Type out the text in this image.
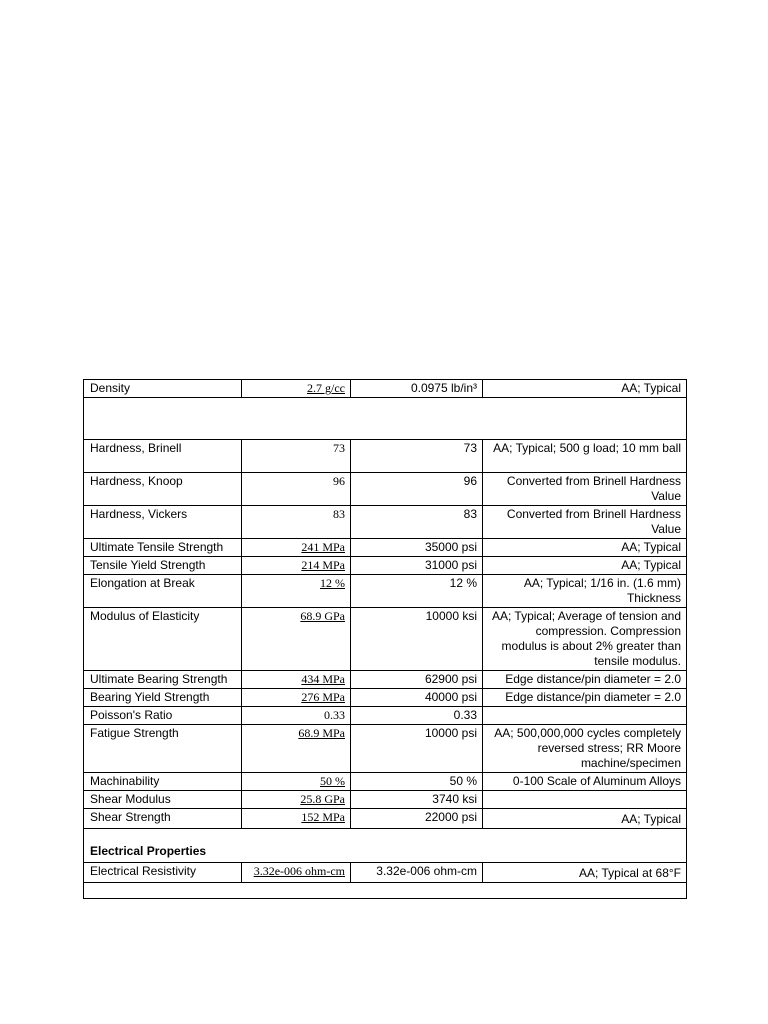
Density	2.7 g/cc	0.0975 lb/in³	AA; Typical

Hardness, Brinell	73	73	AA; Typical; 500 g load; 10 mm ball
Hardness, Knoop	96	96	Converted from Brinell Hardness Value
Hardness, Vickers	83	83	Converted from Brinell Hardness Value
Ultimate Tensile Strength	241 MPa	35000 psi	AA; Typical
Tensile Yield Strength	214 MPa	31000 psi	AA; Typical
Elongation at Break	12 %	12 %	AA; Typical; 1/16 in. (1.6 mm) Thickness
Modulus of Elasticity	68.9 GPa	10000 ksi	AA; Typical; Average of tension and compression. Compression modulus is about 2% greater than tensile modulus.
Ultimate Bearing Strength	434 MPa	62900 psi	Edge distance/pin diameter = 2.0
Bearing Yield Strength	276 MPa	40000 psi	Edge distance/pin diameter = 2.0
Poisson's Ratio	0.33	0.33	
Fatigue Strength	68.9 MPa	10000 psi	AA; 500,000,000 cycles completely reversed stress; RR Moore machine/specimen
Machinability	50 %	50 %	0-100 Scale of Aluminum Alloys
Shear Modulus	25.8 GPa	3740 ksi	
Shear Strength	152 MPa	22000 psi	AA; Typical
Electrical Properties			
Electrical Resistivity	3.32e-006 ohm-cm	3.32e-006 ohm-cm	AA; Typical at 68°F
